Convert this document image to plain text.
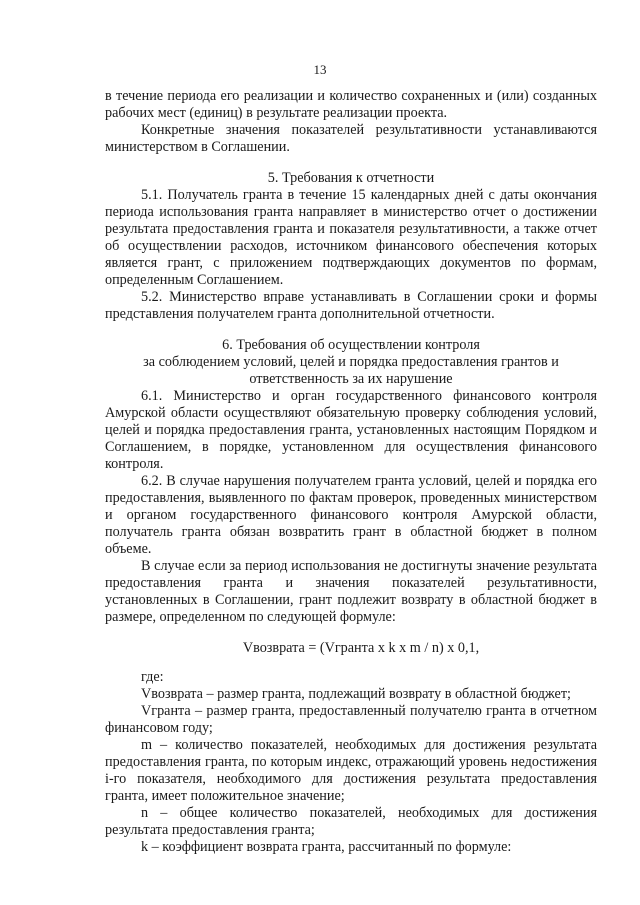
13

в течение периода его реализации и количество сохраненных и (или) созданных рабочих мест (единиц) в результате реализации проекта.

Конкретные значения показателей результативности устанавливаются министерством в Соглашении.

5. Требования к отчетности

5.1. Получатель гранта в течение 15 календарных дней с даты окончания периода использования гранта направляет в министерство отчет о достижении результата предоставления гранта и показателя результативности, а также отчет об осуществлении расходов, источником финансового обеспечения которых является грант, с приложением подтверждающих документов по формам, определенным Соглашением.

5.2. Министерство вправе устанавливать в Соглашении сроки и формы представления получателем гранта дополнительной отчетности.

6. Требования об осуществлении контроля

за соблюдением условий, целей и порядка предоставления грантов и

ответственность за их нарушение

6.1. Министерство и орган государственного финансового контроля Амурской области осуществляют обязательную проверку соблюдения условий, целей и порядка предоставления гранта, установленных настоящим Порядком и Соглашением, в порядке, установленном для осуществления финансового контроля.

6.2. В случае нарушения получателем гранта условий, целей и порядка его предоставления, выявленного по фактам проверок, проведенных министерством и органом государственного финансового контроля Амурской области, получатель гранта обязан возвратить грант в областной бюджет в полном объеме.

В случае если за период использования не достигнуты значение результата предоставления гранта и значения показателей результативности, установленных в Соглашении, грант подлежит возврату в областной бюджет в размере, определенном по следующей формуле:

Vвозврата = (Vгранта x k x m / n) x 0,1,

где:

Vвозврата – размер гранта, подлежащий возврату в областной бюджет;

Vгранта – размер гранта, предоставленный получателю гранта в отчетном финансовом году;

m – количество показателей, необходимых для достижения результата предоставления гранта, по которым индекс, отражающий уровень недостижения i-го показателя, необходимого для достижения результата предоставления гранта, имеет положительное значение;

n – общее количество показателей, необходимых для достижения результата предоставления гранта;

k – коэффициент возврата гранта, рассчитанный по формуле:
